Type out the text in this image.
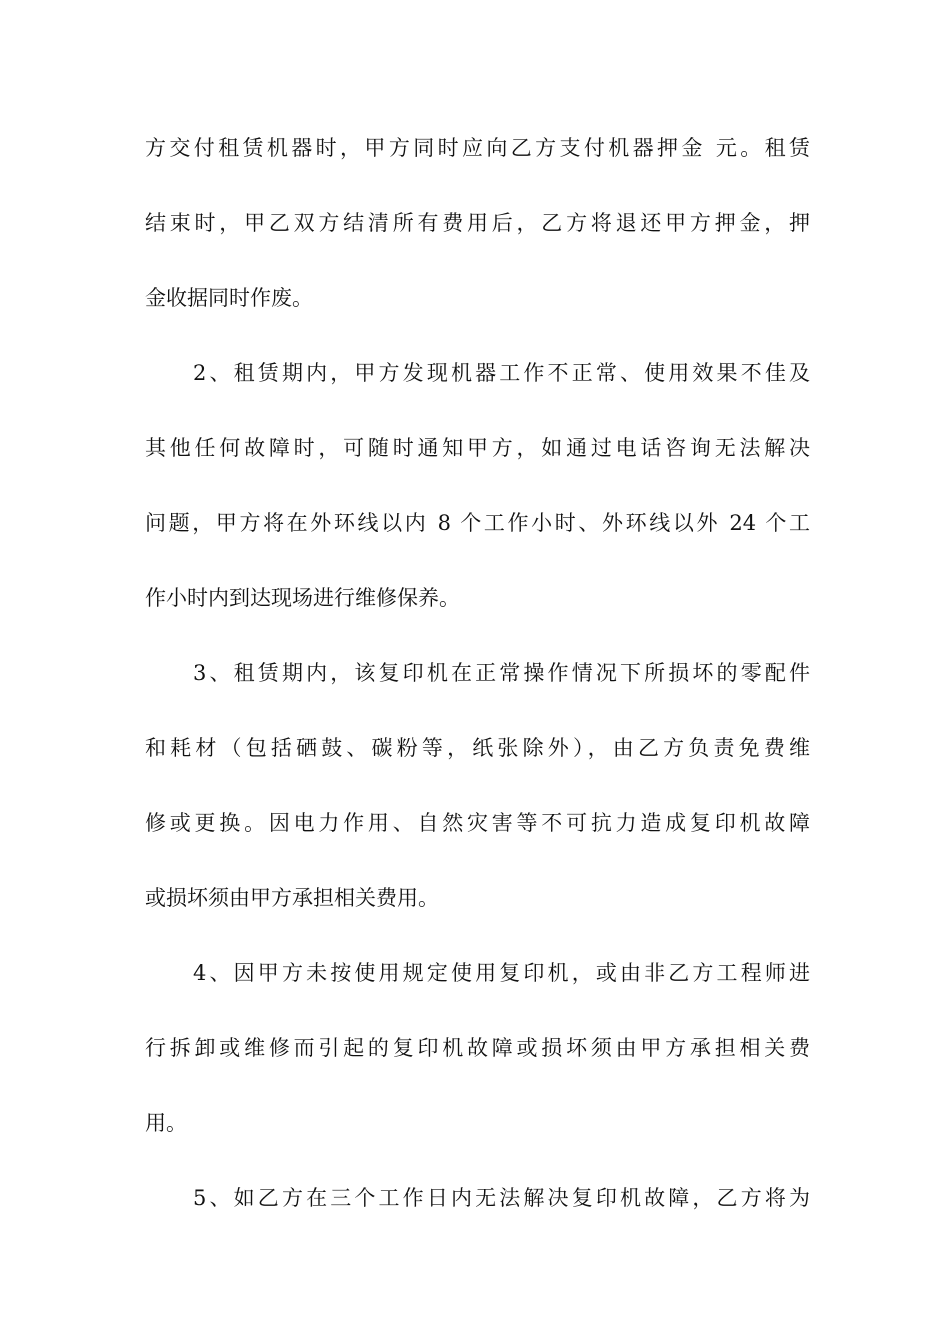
方交付租赁机器时，甲方同时应向乙方支付机器押金 元。租赁
结束时，甲乙双方结清所有费用后，乙方将退还甲方押金，押
金收据同时作废。
2、租赁期内，甲方发现机器工作不正常、使用效果不佳及
其他任何故障时，可随时通知甲方，如通过电话咨询无法解决
问题，甲方将在外环线以内 8 个工作小时、外环线以外 24 个工
作小时内到达现场进行维修保养。
3、租赁期内，该复印机在正常操作情况下所损坏的零配件
和耗材（包括硒鼓、碳粉等，纸张除外），由乙方负责免费维
修或更换。因电力作用、自然灾害等不可抗力造成复印机故障
或损坏须由甲方承担相关费用。
4、因甲方未按使用规定使用复印机，或由非乙方工程师进
行拆卸或维修而引起的复印机故障或损坏须由甲方承担相关费
用。
5、如乙方在三个工作日内无法解决复印机故障，乙方将为
